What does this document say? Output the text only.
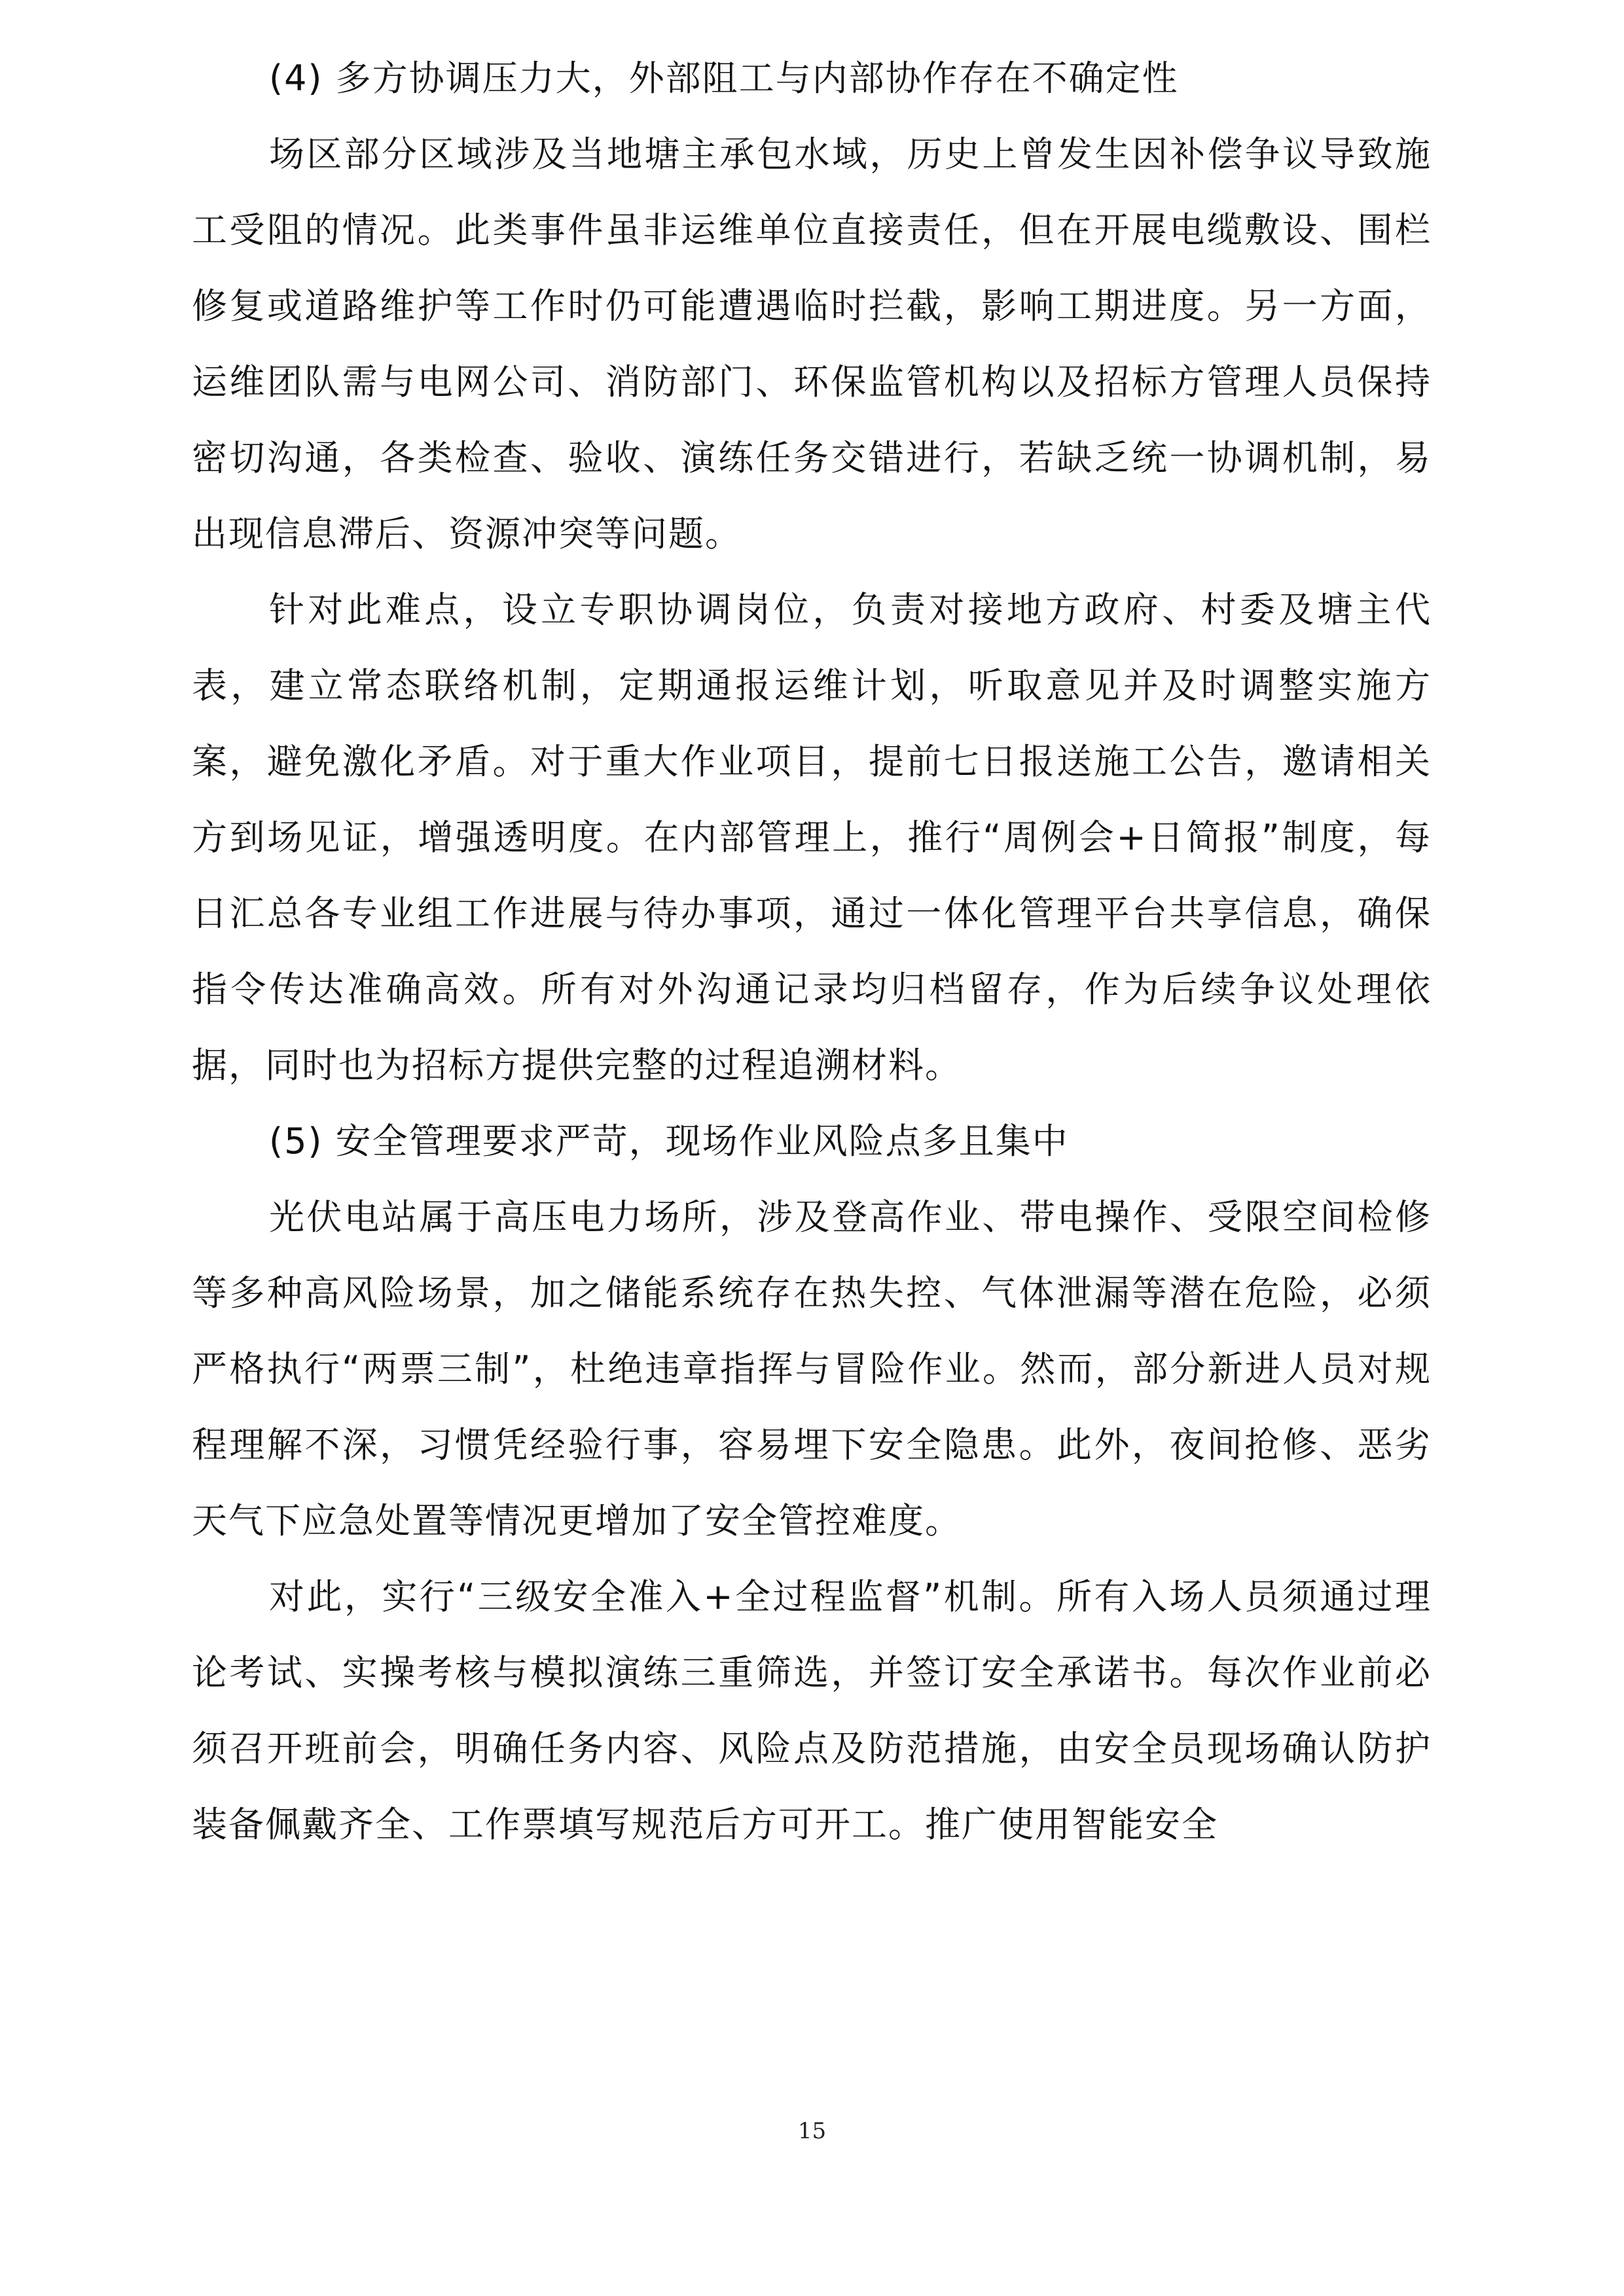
(4) 多方协调压力大，外部阻工与内部协作存在不确定性

场区部分区域涉及当地塘主承包水域，历史上曾发生因补偿争议导致施工受阻的情况。此类事件虽非运维单位直接责任，但在开展电缆敷设、围栏修复或道路维护等工作时仍可能遭遇临时拦截，影响工期进度。另一方面，运维团队需与电网公司、消防部门、环保监管机构以及招标方管理人员保持密切沟通，各类检查、验收、演练任务交错进行，若缺乏统一协调机制，易出现信息滞后、资源冲突等问题。

针对此难点，设立专职协调岗位，负责对接地方政府、村委及塘主代表，建立常态联络机制，定期通报运维计划，听取意见并及时调整实施方案，避免激化矛盾。对于重大作业项目，提前七日报送施工公告，邀请相关方到场见证，增强透明度。在内部管理上，推行“周例会+日简报”制度，每日汇总各专业组工作进展与待办事项，通过一体化管理平台共享信息，确保指令传达准确高效。所有对外沟通记录均归档留存，作为后续争议处理依据，同时也为招标方提供完整的过程追溯材料。

(5) 安全管理要求严苛，现场作业风险点多且集中

光伏电站属于高压电力场所，涉及登高作业、带电操作、受限空间检修等多种高风险场景，加之储能系统存在热失控、气体泄漏等潜在危险，必须严格执行“两票三制”，杜绝违章指挥与冒险作业。然而，部分新进人员对规程理解不深，习惯凭经验行事，容易埋下安全隐患。此外，夜间抢修、恶劣天气下应急处置等情况更增加了安全管控难度。

对此，实行“三级安全准入+全过程监督”机制。所有入场人员须通过理论考试、实操考核与模拟演练三重筛选，并签订安全承诺书。每次作业前必须召开班前会，明确任务内容、风险点及防范措施，由安全员现场确认防护装备佩戴齐全、工作票填写规范后方可开工。推广使用智能安全

15
